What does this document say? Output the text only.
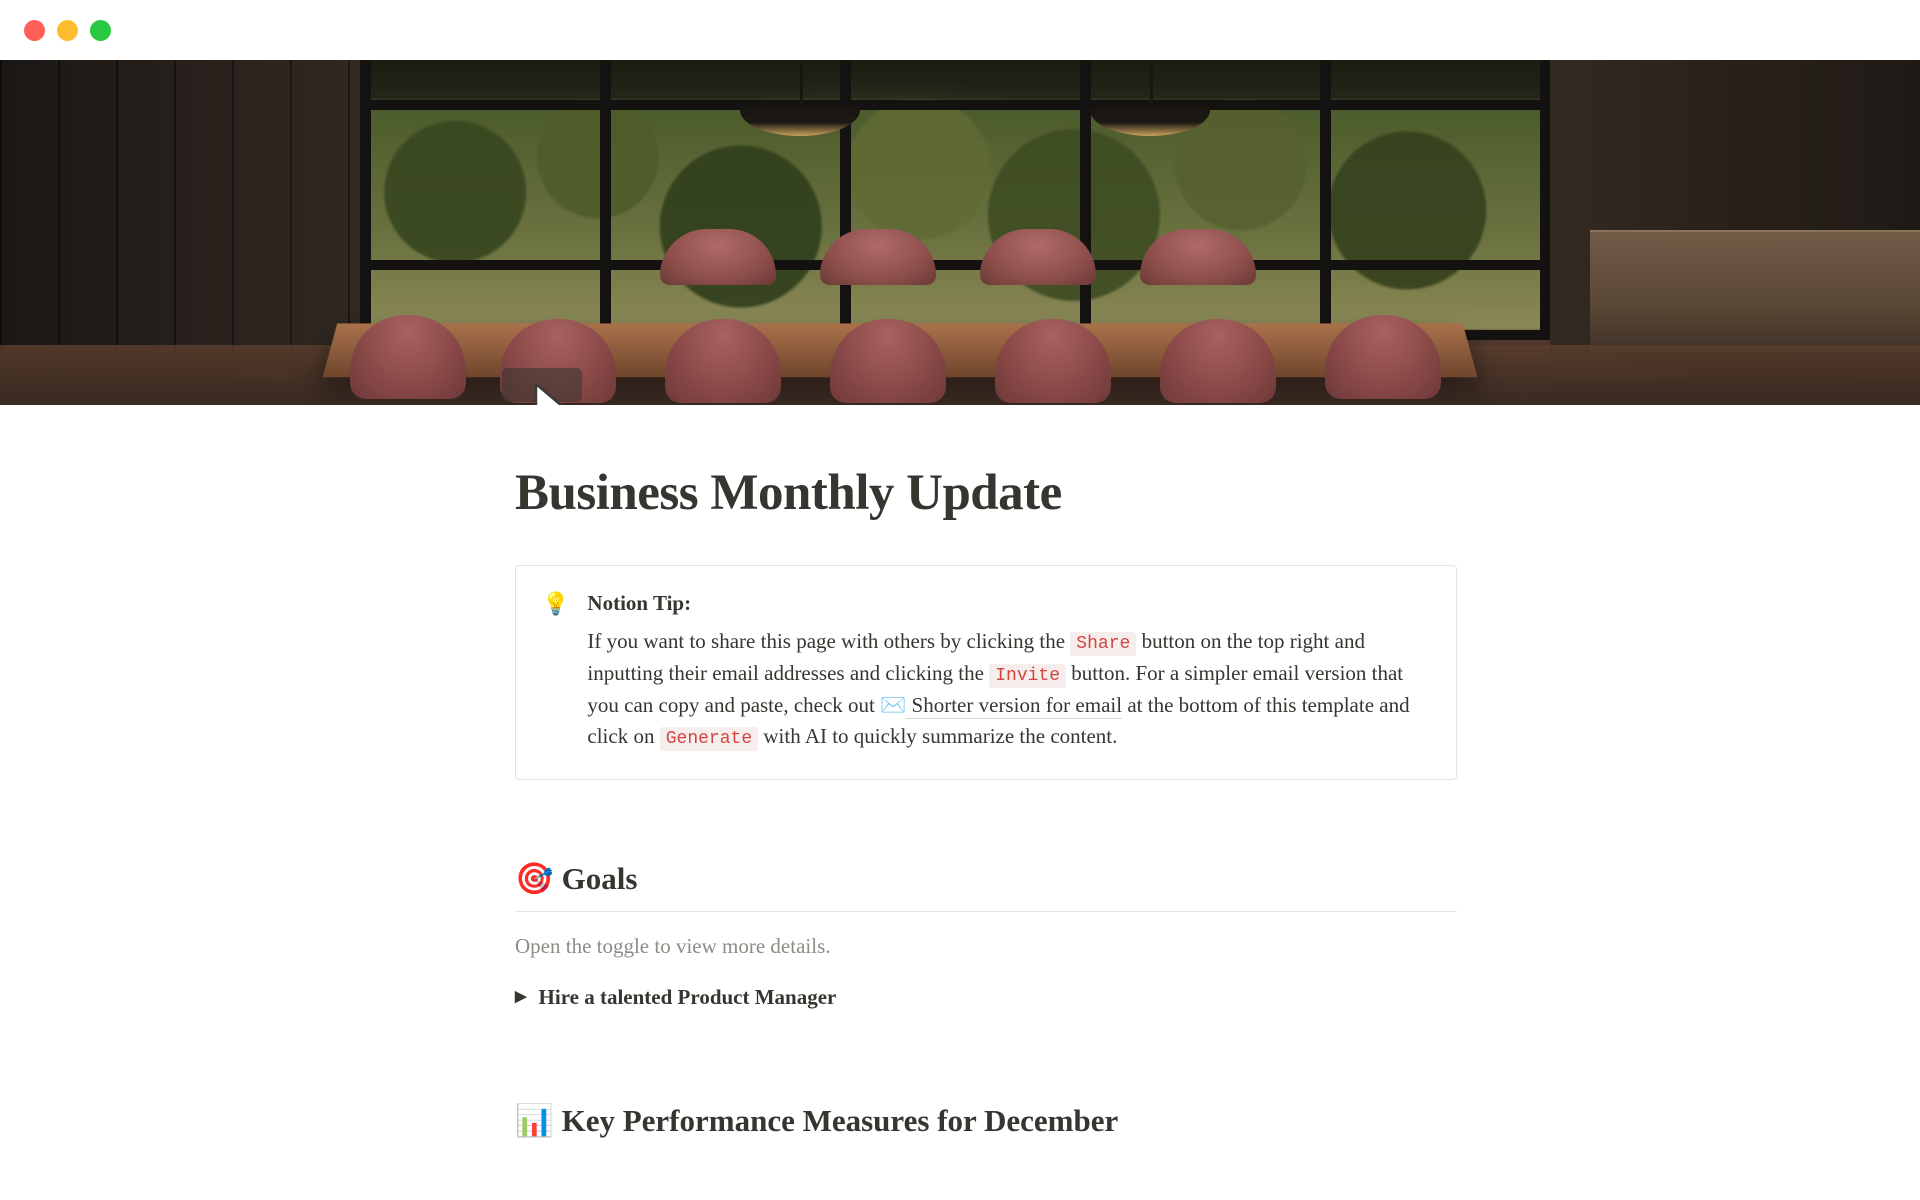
Business Monthly Update
💡 Notion Tip:
If you want to share this page with others by clicking the Share button on the top right and inputting their email addresses and clicking the Invite button. For a simpler email version that you can copy and paste, check out ✉️ Shorter version for email at the bottom of this template and click on Generate with AI to quickly summarize the content.
🎯 Goals
Open the toggle to view more details.
▶ Hire a talented Product Manager
📊 Key Performance Measures for December
